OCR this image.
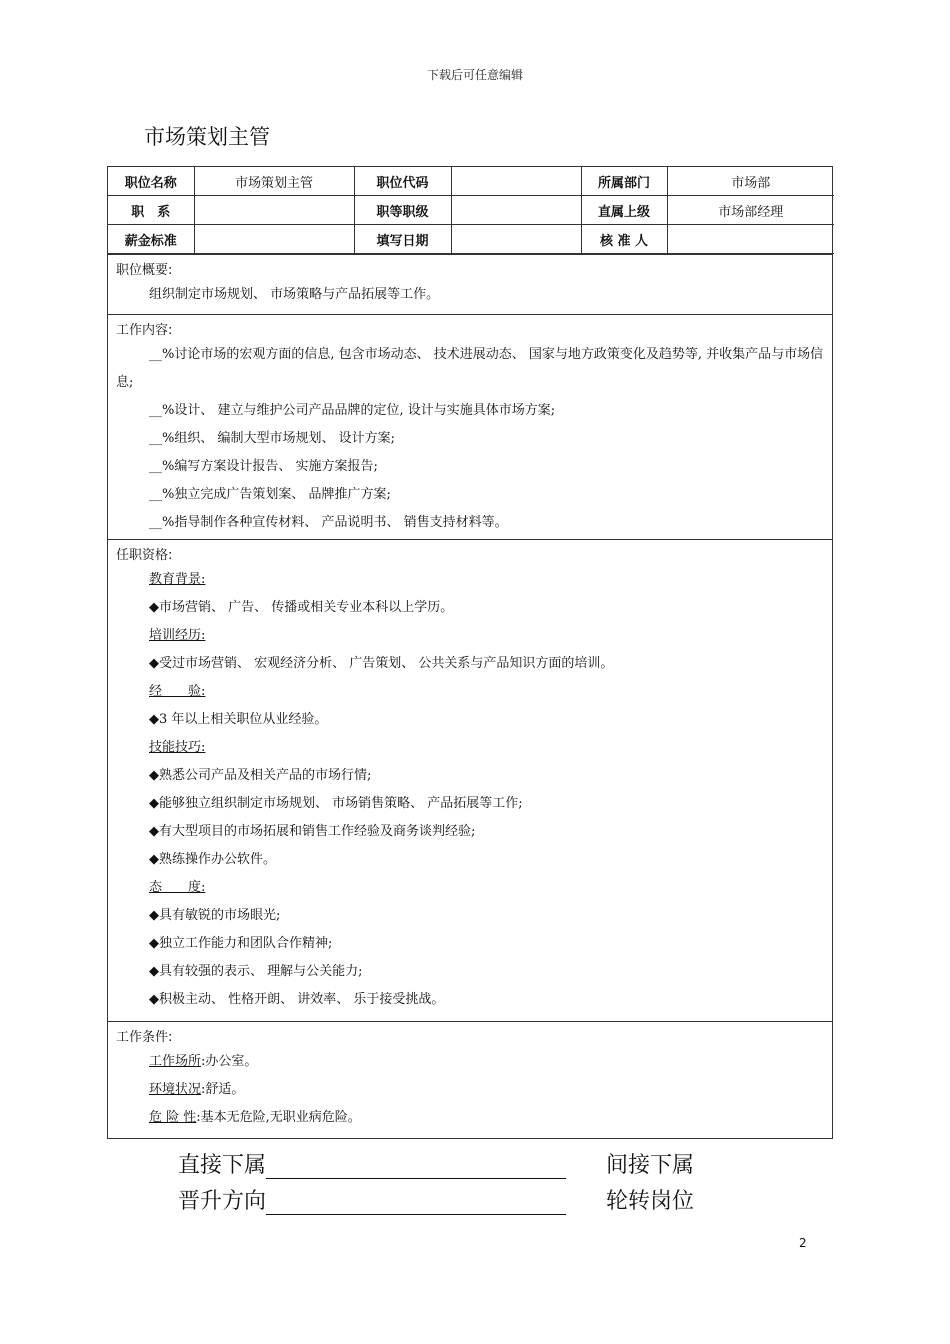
下载后可任意编辑
市场策划主管
职位名称	市场策划主管	职位代码		所属部门	市场部
职　系		职等职级		直属上级	市场部经理
薪金标准		填写日期		核 准 人	
职位概要:
组织制定市场规划、 市场策略与产品拓展等工作。
工作内容:
__%讨论市场的宏观方面的信息, 包含市场动态、 技术进展动态、 国家与地方政策变化及趋势等, 并收集产品与市场信息;
__%设计、 建立与维护公司产品品牌的定位, 设计与实施具体市场方案;
__%组织、 编制大型市场规划、 设计方案;
__%编写方案设计报告、 实施方案报告;
__%独立完成广告策划案、 品牌推广方案;
__%指导制作各种宣传材料、 产品说明书、 销售支持材料等。
任职资格:
教育背景:
◆市场营销、 广告、 传播或相关专业本科以上学历。
培训经历:
◆受过市场营销、 宏观经济分析、 广告策划、 公共关系与产品知识方面的培训。
经　　验:
◆3 年以上相关职位从业经验。
技能技巧:
◆熟悉公司产品及相关产品的市场行情;
◆能够独立组织制定市场规划、 市场销售策略、 产品拓展等工作;
◆有大型项目的市场拓展和销售工作经验及商务谈判经验;
◆熟练操作办公软件。
态　　度:
◆具有敏锐的市场眼光;
◆独立工作能力和团队合作精神;
◆具有较强的表示、 理解与公关能力;
◆积极主动、 性格开朗、 讲效率、 乐于接受挑战。
工作条件:
工作场所:办公室。
环境状况:舒适。
危 险 性:基本无危险,无职业病危险。
直接下属	间接下属
晋升方向	轮转岗位
2
